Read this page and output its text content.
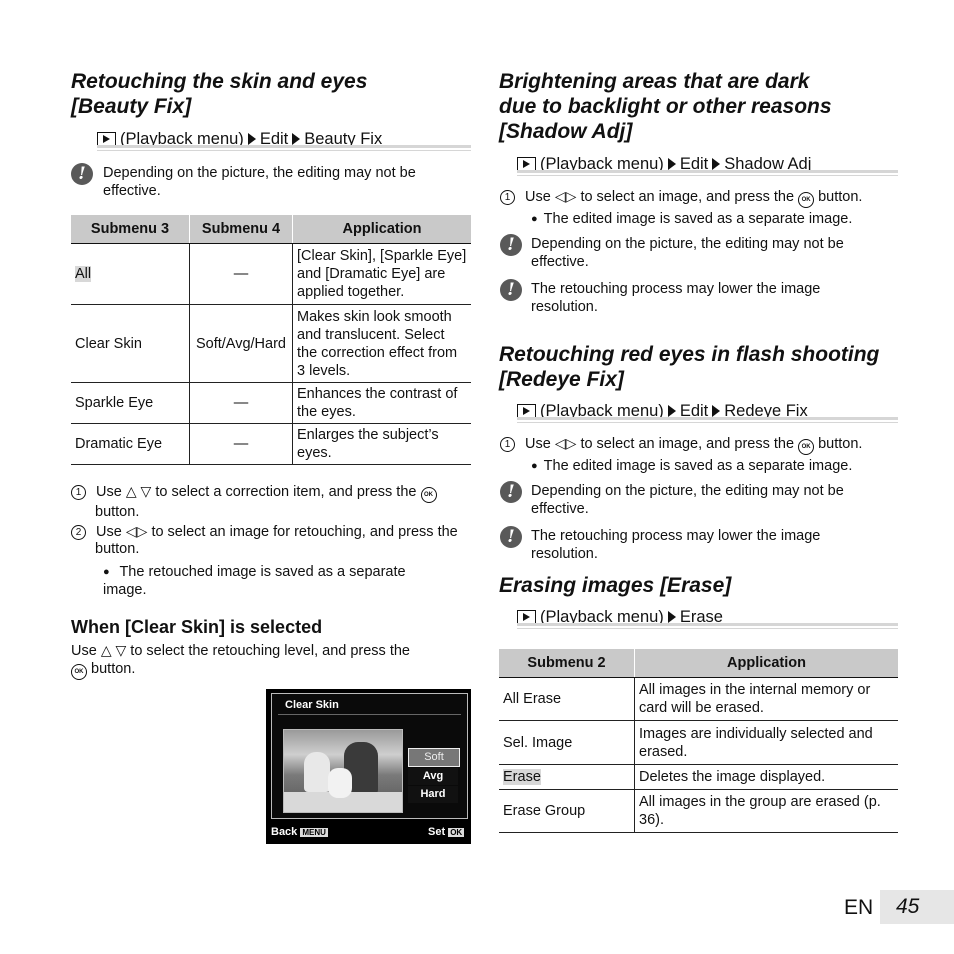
Retouching the skin and eyes
[Beauty Fix]
(Playback menu) Edit Beauty Fix
!	Depending on the picture, the editing may not be effective.
Submenu 3	Submenu 4	Application
All	—	[Clear Skin], [Sparkle Eye] and [Dramatic Eye] are applied together.
Clear Skin	Soft/Avg/Hard	Makes skin look smooth and translucent. Select the correction effect from 3 levels.
Sparkle Eye	—	Enhances the contrast of the eyes.
Dramatic Eye	—	Enlarges the subject’s eyes.
1 Use △ ▽ to select a correction item, and press the OK
button.
2 Use ◁▷ to select an image for retouching, and press the
button.
● The retouched image is saved as a separate image.
When [Clear Skin] is selected
Use △ ▽ to select the retouching level, and press the
OK button.
Clear Skin
Soft
Avg
Hard
Back MENU	Set OK
Brightening areas that are dark
due to backlight or other reasons
[Shadow Adj]
(Playback menu) Edit Shadow Adj
1 Use ◁▷ to select an image, and press the OK button.
● The edited image is saved as a separate image.
!	Depending on the picture, the editing may not be effective.
!	The retouching process may lower the image resolution.
Retouching red eyes in flash shooting
[Redeye Fix]
(Playback menu) Edit Redeye Fix
1 Use ◁▷ to select an image, and press the OK button.
● The edited image is saved as a separate image.
!	Depending on the picture, the editing may not be effective.
!	The retouching process may lower the image resolution.
Erasing images [Erase]
(Playback menu) Erase
Submenu 2	Application
All Erase	All images in the internal memory or card will be erased.
Sel. Image	Images are individually selected and erased.
Erase	Deletes the image displayed.
Erase Group	All images in the group are erased (p. 36).
EN 45
